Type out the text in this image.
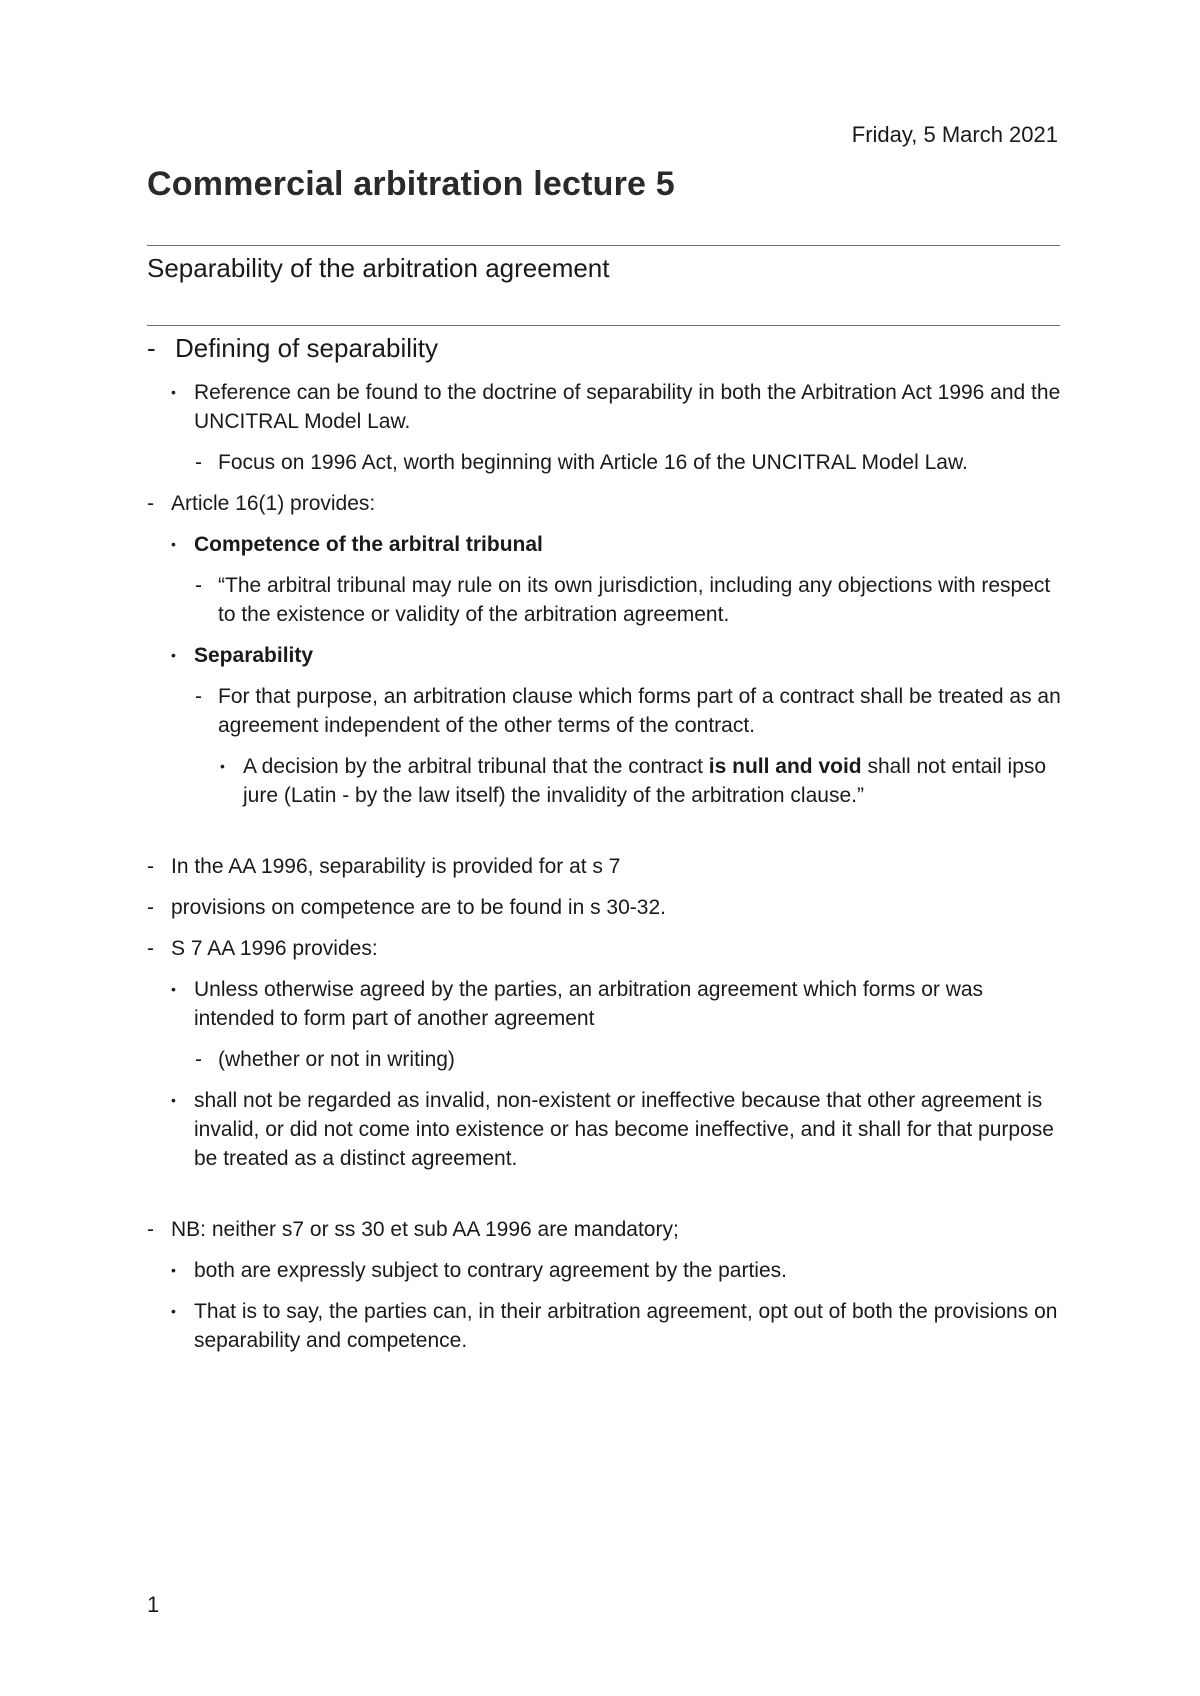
Friday, 5 March 2021
Commercial arbitration lecture 5
Separability of the arbitration agreement
- Defining of separability
• Reference can be found to the doctrine of separability in both the Arbitration Act 1996 and the UNCITRAL Model Law.
- Focus on 1996 Act, worth beginning with Article 16 of the UNCITRAL Model Law.
- Article 16(1) provides:
• Competence of the arbitral tribunal
- “The arbitral tribunal may rule on its own jurisdiction, including any objections with respect to the existence or validity of the arbitration agreement.
• Separability
- For that purpose, an arbitration clause which forms part of a contract shall be treated as an agreement independent of the other terms of the contract.
• A decision by the arbitral tribunal that the contract is null and void shall not entail ipso jure (Latin - by the law itself) the invalidity of the arbitration clause.”
- In the AA 1996, separability is provided for at s 7
- provisions on competence are to be found in s 30-32.
- S 7 AA 1996 provides:
• Unless otherwise agreed by the parties, an arbitration agreement which forms or was intended to form part of another agreement
- (whether or not in writing)
• shall not be regarded as invalid, non-existent or ineffective because that other agreement is invalid, or did not come into existence or has become ineffective, and it shall for that purpose be treated as a distinct agreement.
- NB: neither s7 or ss 30 et sub AA 1996 are mandatory;
• both are expressly subject to contrary agreement by the parties.
• That is to say, the parties can, in their arbitration agreement, opt out of both the provisions on separability and competence.
1
